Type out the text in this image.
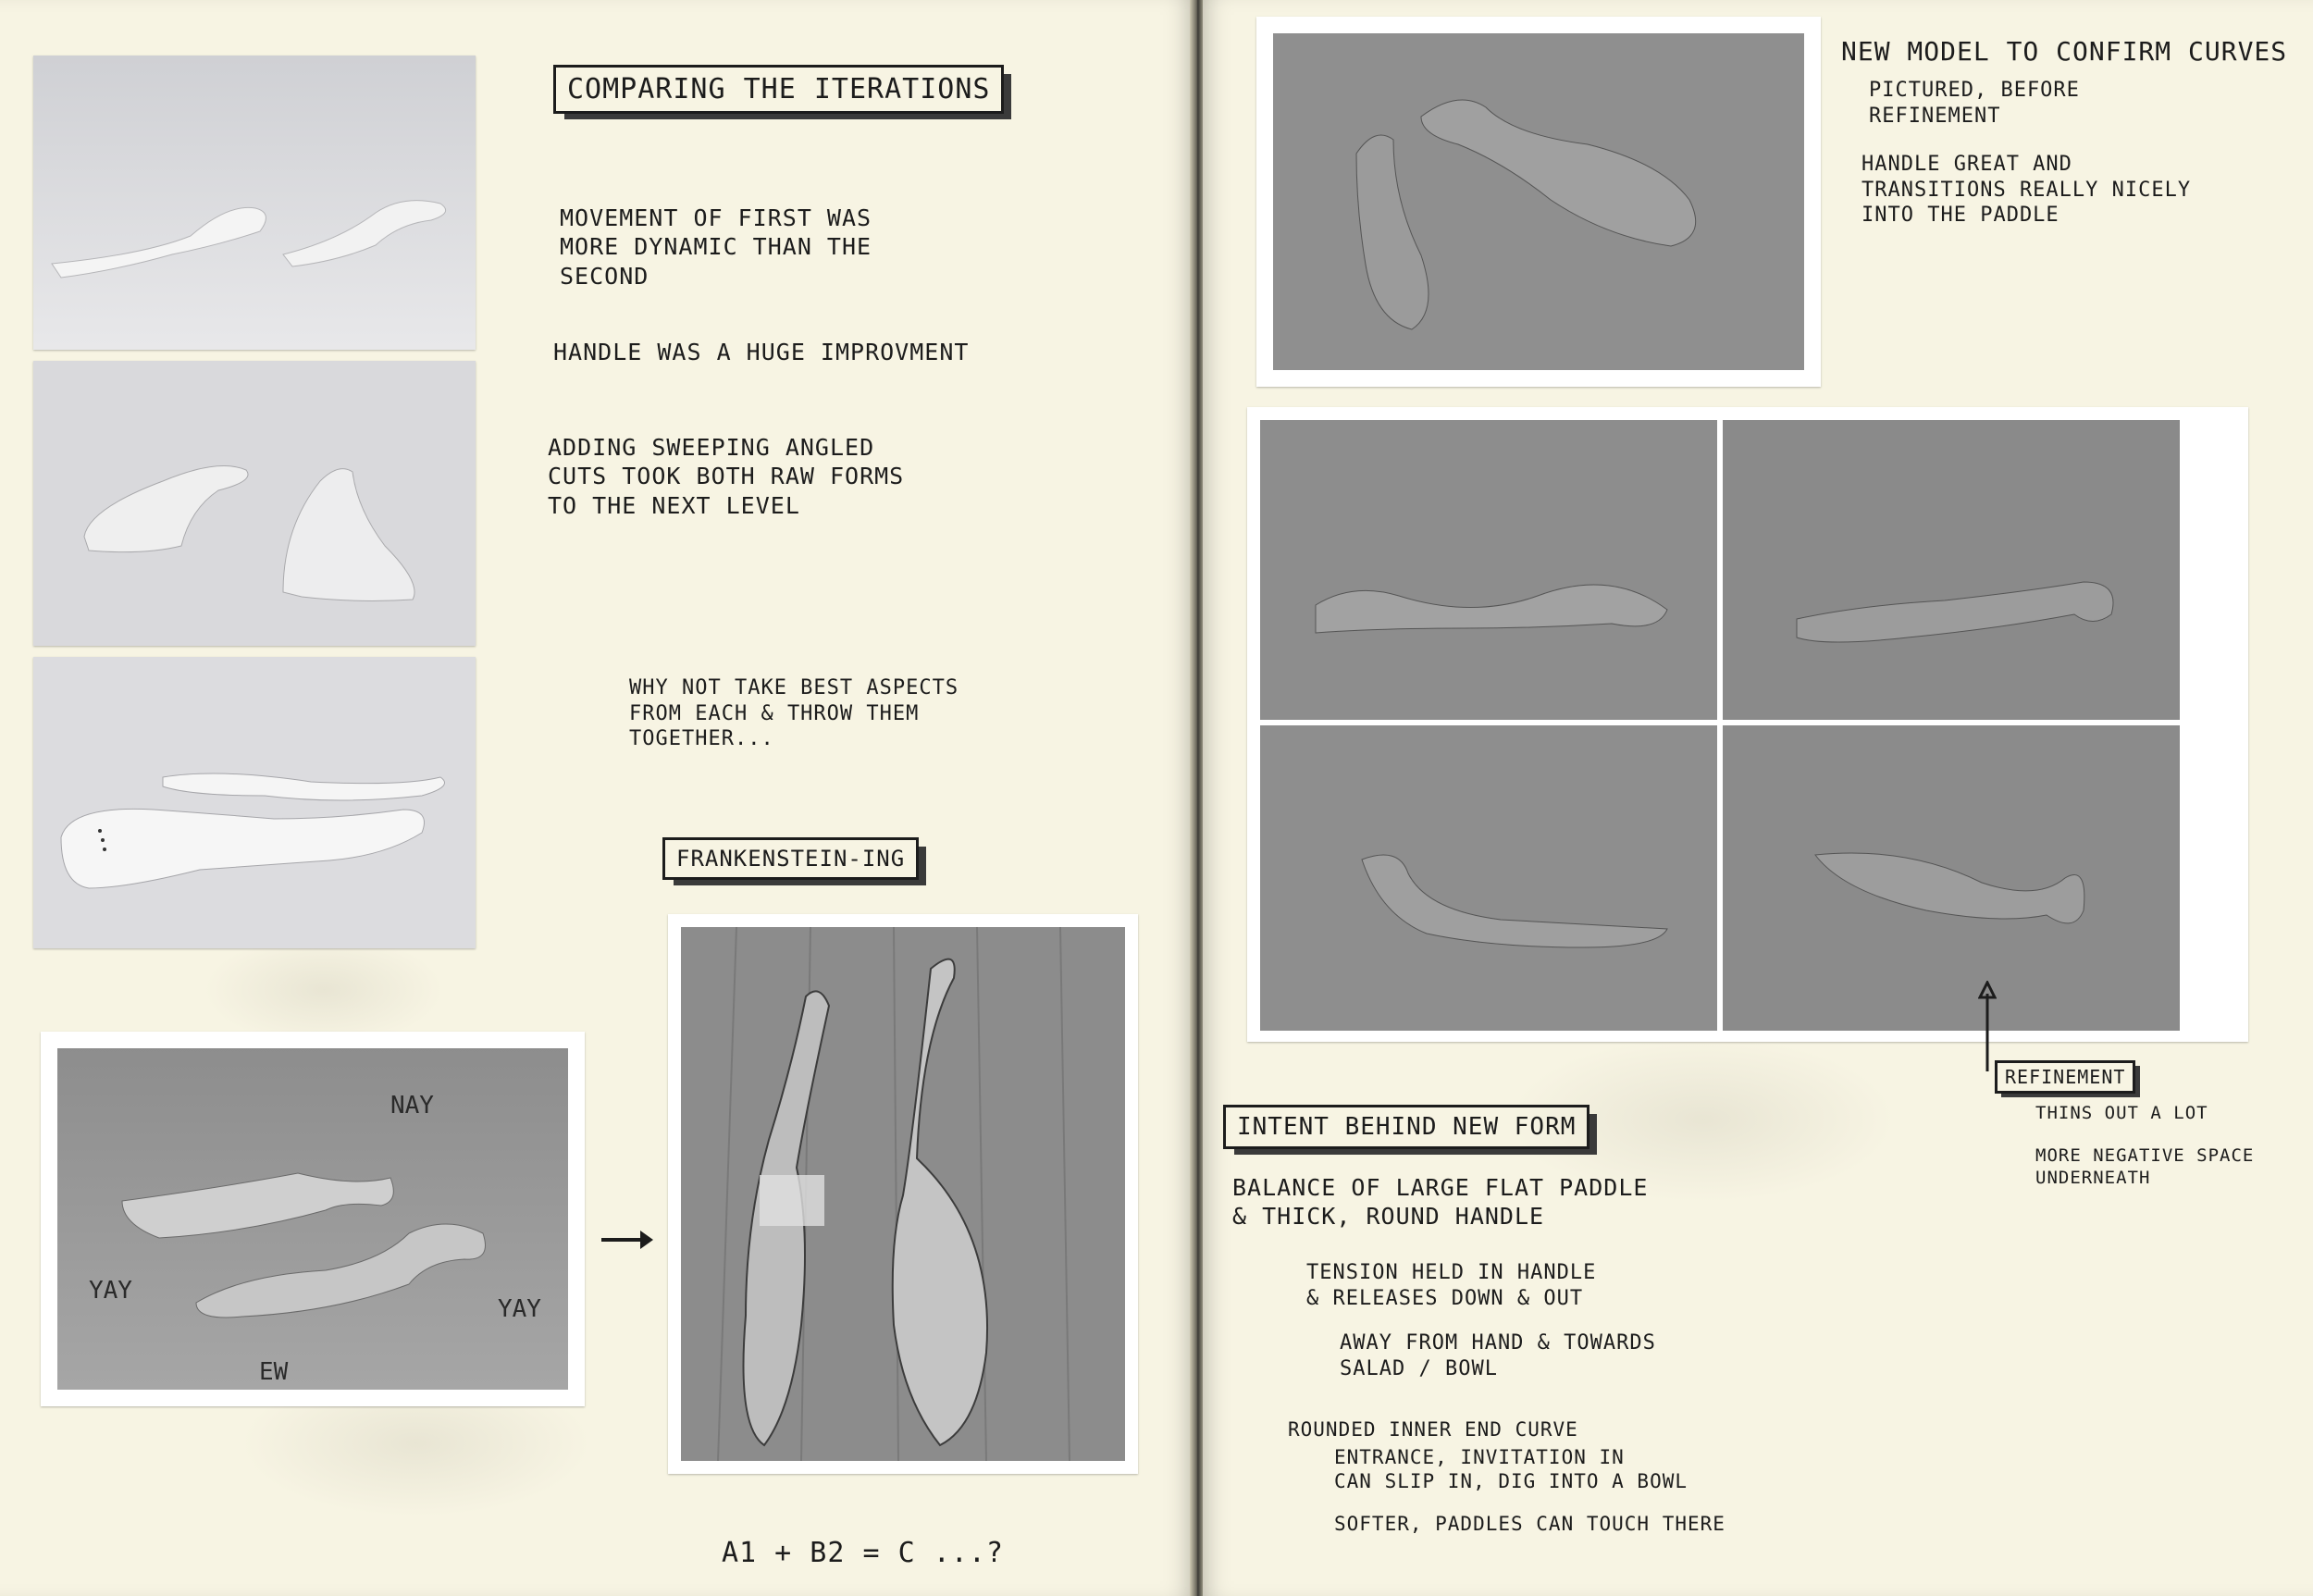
COMPARING THE ITERATIONS

MOVEMENT OF FIRST WAS
MORE DYNAMIC THAN THE
SECOND

HANDLE WAS A HUGE IMPROVMENT

ADDING SWEEPING ANGLED
CUTS TOOK BOTH RAW FORMS
TO THE NEXT LEVEL

WHY NOT TAKE BEST ASPECTS
FROM EACH & THROW THEM
TOGETHER...

FRANKENSTEIN-ING
NAY
YAY
YAY
EW

A1 + B2 = C ...?

NEW MODEL TO CONFIRM CURVES

PICTURED, BEFORE
REFINEMENT

HANDLE GREAT AND
TRANSITIONS REALLY NICELY
INTO THE PADDLE

REFINEMENT

THINS OUT A LOT

MORE NEGATIVE SPACE
UNDERNEATH

INTENT BEHIND NEW FORM

BALANCE OF LARGE FLAT PADDLE
& THICK, ROUND HANDLE

TENSION HELD IN HANDLE
& RELEASES DOWN & OUT

AWAY FROM HAND & TOWARDS
SALAD / BOWL

ROUNDED INNER END CURVE

ENTRANCE, INVITATION IN
CAN SLIP IN, DIG INTO A BOWL

SOFTER, PADDLES CAN TOUCH THERE
